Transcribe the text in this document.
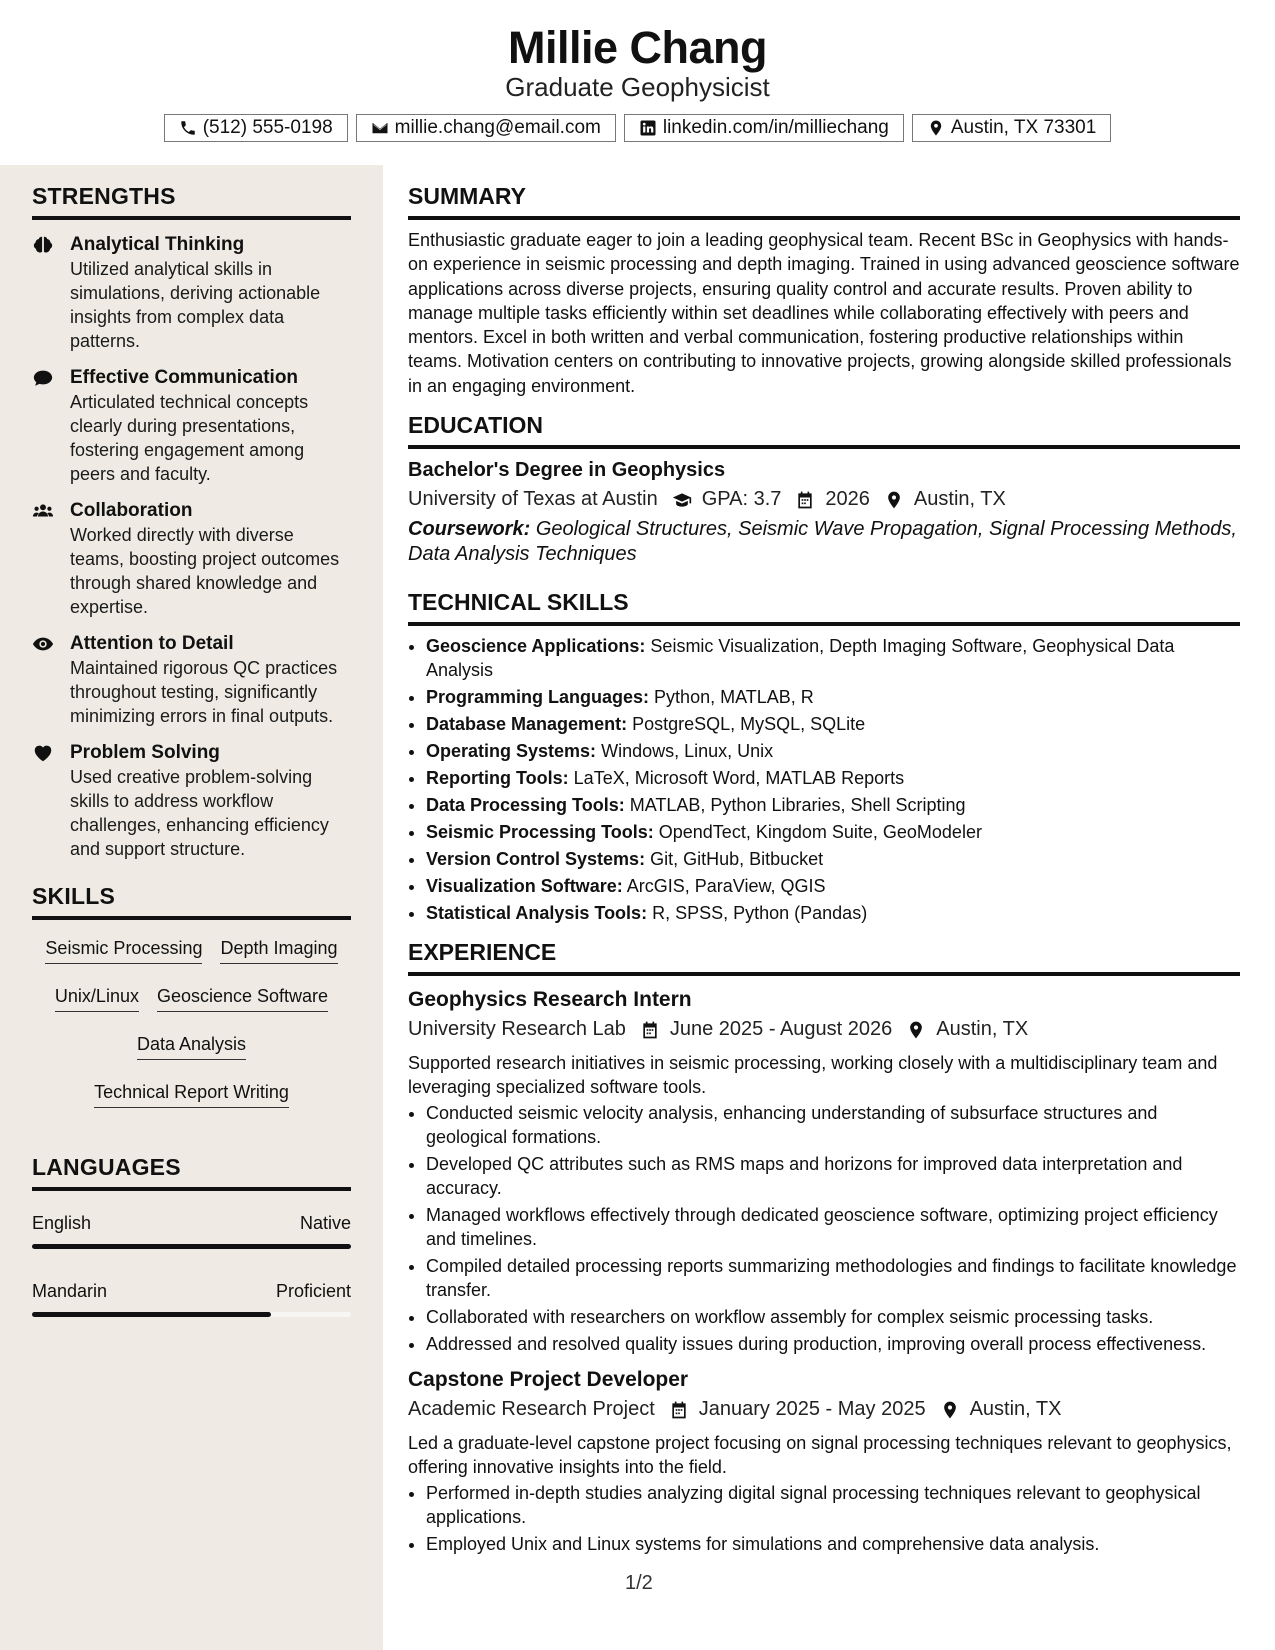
Millie Chang
Graduate Geophysicist
(512) 555-0198	millie.chang@email.com	linkedin.com/in/milliechang	Austin, TX 73301
STRENGTHS
Analytical Thinking
Utilized analytical skills in simulations, deriving actionable insights from complex data patterns.
Effective Communication
Articulated technical concepts clearly during presentations, fostering engagement among peers and faculty.
Collaboration
Worked directly with diverse teams, boosting project outcomes through shared knowledge and expertise.
Attention to Detail
Maintained rigorous QC practices throughout testing, significantly minimizing errors in final outputs.
Problem Solving
Used creative problem-solving skills to address workflow challenges, enhancing efficiency and support structure.
SKILLS
Seismic Processing Depth Imaging
Unix/Linux Geoscience Software
Data Analysis
Technical Report Writing
LANGUAGES
English	Native
Mandarin	Proficient
SUMMARY
Enthusiastic graduate eager to join a leading geophysical team. Recent BSc in Geophysics with hands-on experience in seismic processing and depth imaging. Trained in using advanced geoscience software applications across diverse projects, ensuring quality control and accurate results. Proven ability to manage multiple tasks efficiently within set deadlines while collaborating effectively with peers and mentors. Excel in both written and verbal communication, fostering productive relationships within teams. Motivation centers on contributing to innovative projects, growing alongside skilled professionals in an engaging environment.
EDUCATION
Bachelor's Degree in Geophysics
University of Texas at Austin GPA: 3.7 2026 Austin, TX
Coursework: Geological Structures, Seismic Wave Propagation, Signal Processing Methods, Data Analysis Techniques
TECHNICAL SKILLS
• Geoscience Applications: Seismic Visualization, Depth Imaging Software, Geophysical Data Analysis
• Programming Languages: Python, MATLAB, R
• Database Management: PostgreSQL, MySQL, SQLite
• Operating Systems: Windows, Linux, Unix
• Reporting Tools: LaTeX, Microsoft Word, MATLAB Reports
• Data Processing Tools: MATLAB, Python Libraries, Shell Scripting
• Seismic Processing Tools: OpendTect, Kingdom Suite, GeoModeler
• Version Control Systems: Git, GitHub, Bitbucket
• Visualization Software: ArcGIS, ParaView, QGIS
• Statistical Analysis Tools: R, SPSS, Python (Pandas)
EXPERIENCE
Geophysics Research Intern
University Research Lab June 2025 - August 2026 Austin, TX
Supported research initiatives in seismic processing, working closely with a multidisciplinary team and leveraging specialized software tools.
• Conducted seismic velocity analysis, enhancing understanding of subsurface structures and geological formations.
• Developed QC attributes such as RMS maps and horizons for improved data interpretation and accuracy.
• Managed workflows effectively through dedicated geoscience software, optimizing project efficiency and timelines.
• Compiled detailed processing reports summarizing methodologies and findings to facilitate knowledge transfer.
• Collaborated with researchers on workflow assembly for complex seismic processing tasks.
• Addressed and resolved quality issues during production, improving overall process effectiveness.
Capstone Project Developer
Academic Research Project January 2025 - May 2025 Austin, TX
Led a graduate-level capstone project focusing on signal processing techniques relevant to geophysics, offering innovative insights into the field.
• Performed in-depth studies analyzing digital signal processing techniques relevant to geophysical applications.
• Employed Unix and Linux systems for simulations and comprehensive data analysis.
1/2
